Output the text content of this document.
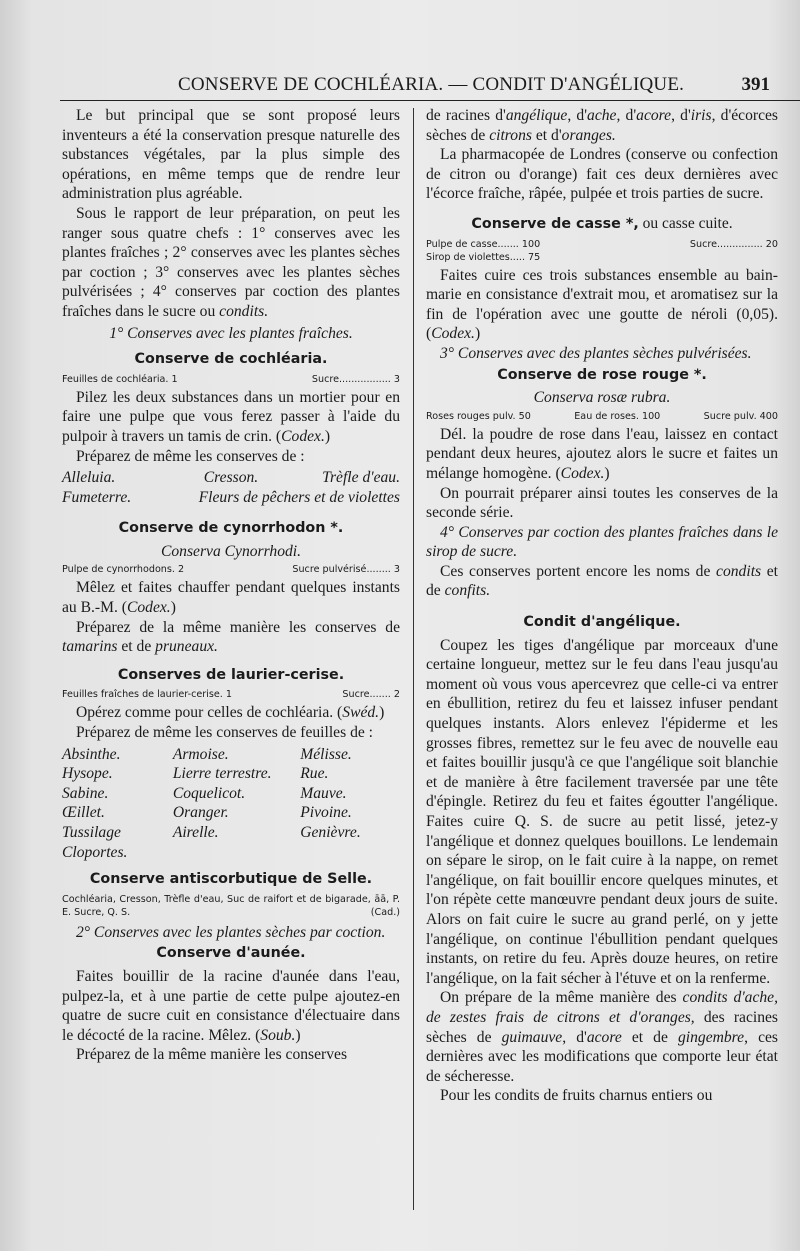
CONSERVE DE COCHLÉARIA. — CONDIT D'ANGÉLIQUE.	391

Le but principal que se sont proposé leurs inventeurs a été la conservation presque naturelle des substances végétales, par la plus simple des opérations, en même temps que de rendre leur administration plus agréable.

Sous le rapport de leur préparation, on peut les ranger sous quatre chefs : 1° conserves avec les plantes fraîches ; 2° conserves avec les plantes sèches par coction ; 3° conserves avec les plantes sèches pulvérisées ; 4° conserves par coction des plantes fraîches dans le sucre ou condits.

1° Conserves avec les plantes fraîches.

Conserve de cochléaria.
Feuilles de cochléaria. 1	Sucre................. 3

Pilez les deux substances dans un mortier pour en faire une pulpe que vous ferez passer à l'aide du pulpoir à travers un tamis de crin. (Codex.)

Préparez de même les conserves de :

Alleluia.	Cresson.	Trèfle d'eau.
Fumeterre.	Fleurs de pêchers et de violettes
Conserve de cynorrhodon *.
Conserva Cynorrhodi.
Pulpe de cynorrhodons. 2	Sucre pulvérisé........ 3

Mêlez et faites chauffer pendant quelques instants au B.-M. (Codex.)

Préparez de la même manière les conserves de tamarins et de pruneaux.

Conserves de laurier-cerise.
Feuilles fraîches de laurier-cerise. 1	Sucre....... 2

Opérez comme pour celles de cochléaria. (Swéd.)

Préparez de même les conserves de feuilles de :

Absinthe.	Armoise.	Mélisse.
Hysope.	Lierre terrestre.	Rue.
Sabine.	Coquelicot.	Mauve.
Œillet.	Oranger.	Pivoine.
Tussilage	Airelle.	Genièvre.
Cloportes.
Conserve antiscorbutique de Selle.
Cochléaria, Cresson, Trèfle d'eau, Suc de raifort et de bigarade, āā, P. E. Sucre, Q. S.	(Cad.)

2° Conserves avec les plantes sèches par coction.

Conserve d'aunée.

Faites bouillir de la racine d'aunée dans l'eau, pulpez-la, et à une partie de cette pulpe ajoutez-en quatre de sucre cuit en consistance d'électuaire dans le décocté de la racine. Mêlez. (Soub.)

Préparez de la même manière les conserves

de racines d'angélique, d'ache, d'acore, d'iris, d'écorces sèches de citrons et d'oranges.

La pharmacopée de Londres (conserve ou confection de citron ou d'orange) fait ces deux dernières avec l'écorce fraîche, râpée, pulpée et trois parties de sucre.

Conserve de casse *, ou casse cuite.
Pulpe de casse....... 100	Sucre............... 20
Sirop de violettes..... 75

Faites cuire ces trois substances ensemble au bain-marie en consistance d'extrait mou, et aromatisez sur la fin de l'opération avec une goutte de néroli (0,05). (Codex.)

3° Conserves avec des plantes sèches pulvérisées.

Conserve de rose rouge *.
Conserva rosæ rubra.
Roses rouges pulv. 50	Eau de roses. 100	Sucre pulv. 400

Dél. la poudre de rose dans l'eau, laissez en contact pendant deux heures, ajoutez alors le sucre et faites un mélange homogène. (Codex.)

On pourrait préparer ainsi toutes les conserves de la seconde série.

4° Conserves par coction des plantes fraîches dans le sirop de sucre.

Ces conserves portent encore les noms de condits et de confits.

Condit d'angélique.

Coupez les tiges d'angélique par morceaux d'une certaine longueur, mettez sur le feu dans l'eau jusqu'au moment où vous vous apercevrez que celle-ci va entrer en ébullition, retirez du feu et laissez infuser pendant quelques instants. Alors enlevez l'épiderme et les grosses fibres, remettez sur le feu avec de nouvelle eau et faites bouillir jusqu'à ce que l'angélique soit blanchie et de manière à être facilement traversée par une tête d'épingle. Retirez du feu et faites égoutter l'angélique. Faites cuire Q. S. de sucre au petit lissé, jetez-y l'angélique et donnez quelques bouillons. Le lendemain on sépare le sirop, on le fait cuire à la nappe, on remet l'angélique, on fait bouillir encore quelques minutes, et l'on répète cette manœuvre pendant deux jours de suite. Alors on fait cuire le sucre au grand perlé, on y jette l'angélique, on continue l'ébullition pendant quelques instants, on retire du feu. Après douze heures, on retire l'angélique, on la fait sécher à l'étuve et on la renferme.

On prépare de la même manière des condits d'ache, de zestes frais de citrons et d'oranges, des racines sèches de guimauve, d'acore et de gingembre, ces dernières avec les modifications que comporte leur état de sécheresse.

Pour les condits de fruits charnus entiers ou
